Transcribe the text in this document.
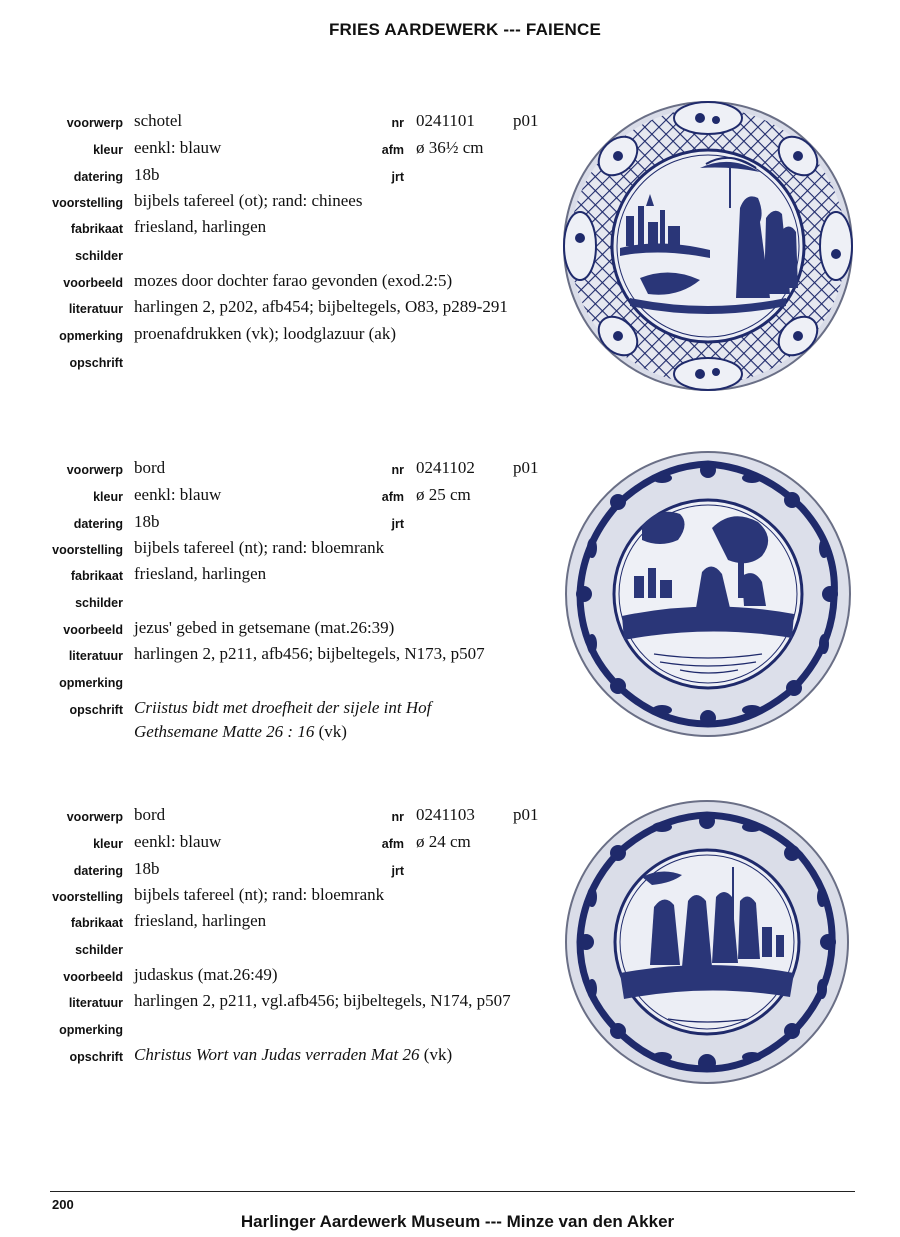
FRIES AARDEWERK --- FAIENCE
voorwerp
kleur
datering
voorstelling
fabrikaat
schilder
voorbeeld
literatuur
opmerking
opschrift
schotel
eenkl: blauw
18b
bijbels tafereel (ot); rand: chinees
friesland, harlingen
mozes door dochter farao gevonden (exod.2:5)
harlingen 2, p202, afb454; bijbeltegels, O83, p289-291
proenafdrukken (vk); loodglazuur (ak)
nr
afm
jrt
0241101
ø 36½ cm
p01
voorwerp
kleur
datering
voorstelling
fabrikaat
schilder
voorbeeld
literatuur
opmerking
opschrift
bord
eenkl: blauw
18b
bijbels tafereel (nt); rand: bloemrank
friesland, harlingen
jezus' gebed in getsemane (mat.26:39)
harlingen 2, p211, afb456; bijbeltegels, N173, p507
Criistus bidt met droefheit der sijele int Hof
Gethsemane Matte 26 : 16 (vk)
nr
afm
jrt
0241102
ø 25 cm
p01
voorwerp
kleur
datering
voorstelling
fabrikaat
schilder
voorbeeld
literatuur
opmerking
opschrift
bord
eenkl: blauw
18b
bijbels tafereel (nt); rand: bloemrank
friesland, harlingen
judaskus (mat.26:49)
harlingen 2, p211, vgl.afb456; bijbeltegels, N174, p507
Christus Wort van Judas verraden Mat 26 (vk)
nr
afm
jrt
0241103
ø 24 cm
p01
200
Harlinger Aardewerk Museum --- Minze van den Akker
